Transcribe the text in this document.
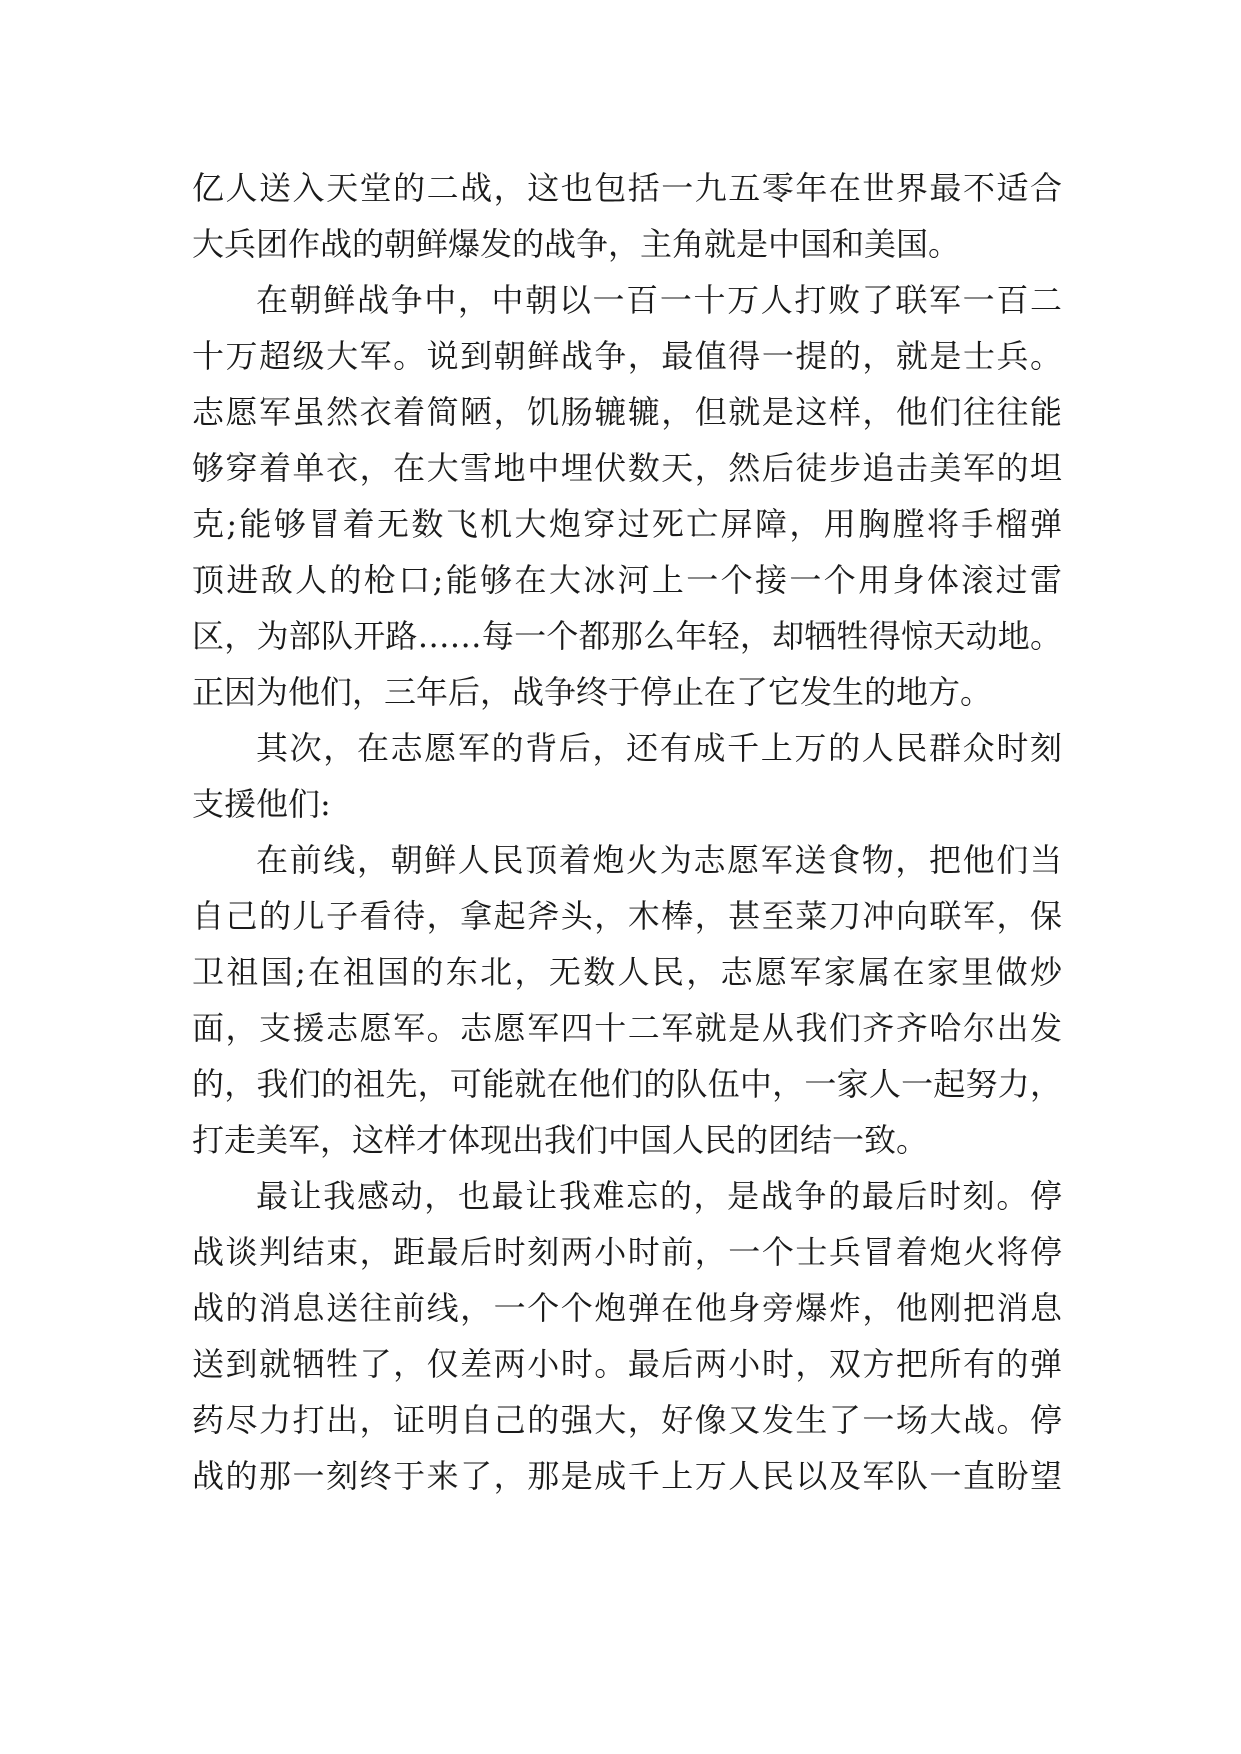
亿人送入天堂的二战，这也包括一九五零年在世界最不适合
大兵团作战的朝鲜爆发的战争，主角就是中国和美国。
在朝鲜战争中，中朝以一百一十万人打败了联军一百二
十万超级大军。说到朝鲜战争，最值得一提的，就是士兵。
志愿军虽然衣着简陋，饥肠辘辘，但就是这样，他们往往能
够穿着单衣，在大雪地中埋伏数天，然后徒步追击美军的坦
克;能够冒着无数飞机大炮穿过死亡屏障，用胸膛将手榴弹
顶进敌人的枪口;能够在大冰河上一个接一个用身体滚过雷
区，为部队开路……每一个都那么年轻，却牺牲得惊天动地。
正因为他们，三年后，战争终于停止在了它发生的地方。
其次，在志愿军的背后，还有成千上万的人民群众时刻
支援他们:
在前线，朝鲜人民顶着炮火为志愿军送食物，把他们当
自己的儿子看待，拿起斧头，木棒，甚至菜刀冲向联军，保
卫祖国;在祖国的东北，无数人民，志愿军家属在家里做炒
面，支援志愿军。志愿军四十二军就是从我们齐齐哈尔出发
的，我们的祖先，可能就在他们的队伍中，一家人一起努力，
打走美军，这样才体现出我们中国人民的团结一致。
最让我感动，也最让我难忘的，是战争的最后时刻。停
战谈判结束，距最后时刻两小时前，一个士兵冒着炮火将停
战的消息送往前线，一个个炮弹在他身旁爆炸，他刚把消息
送到就牺牲了，仅差两小时。最后两小时，双方把所有的弹
药尽力打出，证明自己的强大，好像又发生了一场大战。停
战的那一刻终于来了，那是成千上万人民以及军队一直盼望
